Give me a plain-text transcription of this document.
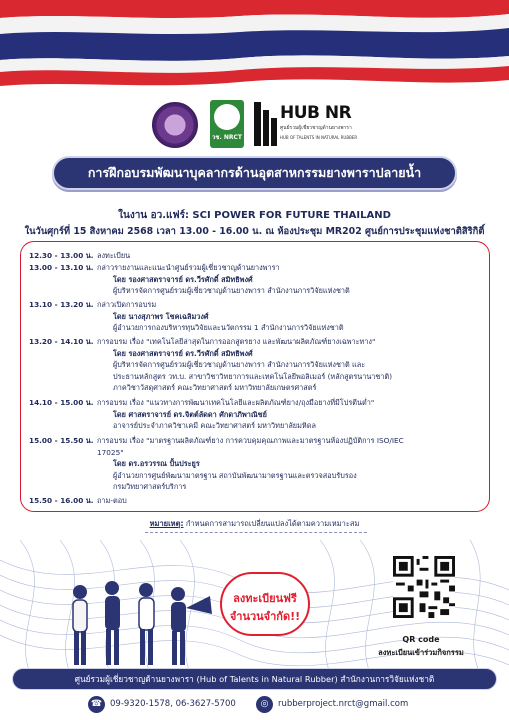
วช. NRCT
HUB NR
ศูนย์รวมผู้เชี่ยวชาญด้านยางพารา
HUB OF TALENTS IN NATURAL RUBBER
การฝึกอบรมพัฒนาบุคลากรด้านอุตสาหกรรมยางพาราปลายน้ำ
ในงาน อว.แฟร์: SCI POWER FOR FUTURE THAILAND
ในวันศุกร์ที่ 15 สิงหาคม 2568 เวลา 13.00 - 16.00 น. ณ ห้องประชุม MR202 ศูนย์การประชุมแห่งชาติสิริกิติ์
12.30 - 13.00 น. ลงทะเบียน

13.00 - 13.10 น. กล่าวรายงานและแนะนำศูนย์รวมผู้เชี่ยวชาญด้านยางพารา

โดย รองศาสตราจารย์ ดร.วีรศักดิ์ สมิทธิพงศ์

ผู้บริหารจัดการศูนย์รวมผู้เชี่ยวชาญด้านยางพารา สำนักงานการวิจัยแห่งชาติ

13.10 - 13.20 น. กล่าวเปิดการอบรม

โดย นางสุภาพร โชคเฉลิมวงศ์

ผู้อำนวยการกองบริหารทุนวิจัยและนวัตกรรม 1 สำนักงานการวิจัยแห่งชาติ

13.20 - 14.10 น. การอบรม เรื่อง "เทคโนโลยีล่าสุดในการออกสูตรยาง และพัฒนาผลิตภัณฑ์ยางเฉพาะทาง"

โดย รองศาสตราจารย์ ดร.วีรศักดิ์ สมิทธิพงศ์

ผู้บริหารจัดการศูนย์รวมผู้เชี่ยวชาญด้านยางพารา สำนักงานการวิจัยแห่งชาติ และ

ประธานหลักสูตร วท.บ. สาขาวิชาวิทยาการและเทคโนโลยีพอลิเมอร์ (หลักสูตรนานาชาติ)

ภาควิชาวัสดุศาสตร์ คณะวิทยาศาสตร์ มหาวิทยาลัยเกษตรศาสตร์

14.10 - 15.00 น. การอบรม เรื่อง "แนวทางการพัฒนาเทคโนโลยีและผลิตภัณฑ์ยาง/ถุงมือยางที่มีโปรตีนต่ำ"

โดย ศาสตราจารย์ ดร.จิตต์ลัดดา ศักดาภิพาณิชย์

อาจารย์ประจำภาควิชาเคมี คณะวิทยาศาสตร์ มหาวิทยาลัยมหิดล

15.00 - 15.50 น. การอบรม เรื่อง "มาตรฐานผลิตภัณฑ์ยาง การควบคุมคุณภาพและมาตรฐานห้องปฏิบัติการ ISO/IEC

17025"

โดย ดร.อรวรรณ ปั้นประยูร

ผู้อำนวยการศูนย์พัฒนามาตรฐาน สถาบันพัฒนามาตรฐานและตรวจสอบรับรอง

กรมวิทยาศาสตร์บริการ

15.50 - 16.00 น. ถาม-ตอบ

หมายเหตุ: กำหนดการสามารถเปลี่ยนแปลงได้ตามความเหมาะสม
ลงทะเบียนฟรี
จำนวนจำกัด!!
QR code
ลงทะเบียนเข้าร่วมกิจกรรม
ศูนย์รวมผู้เชี่ยวชาญด้านยางพารา (Hub of Talents in Natural Rubber) สำนักงานการวิจัยแห่งชาติ
☎ 09-9320-1578, 06-3627-5700	◎	rubberproject.nrct@gmail.com
